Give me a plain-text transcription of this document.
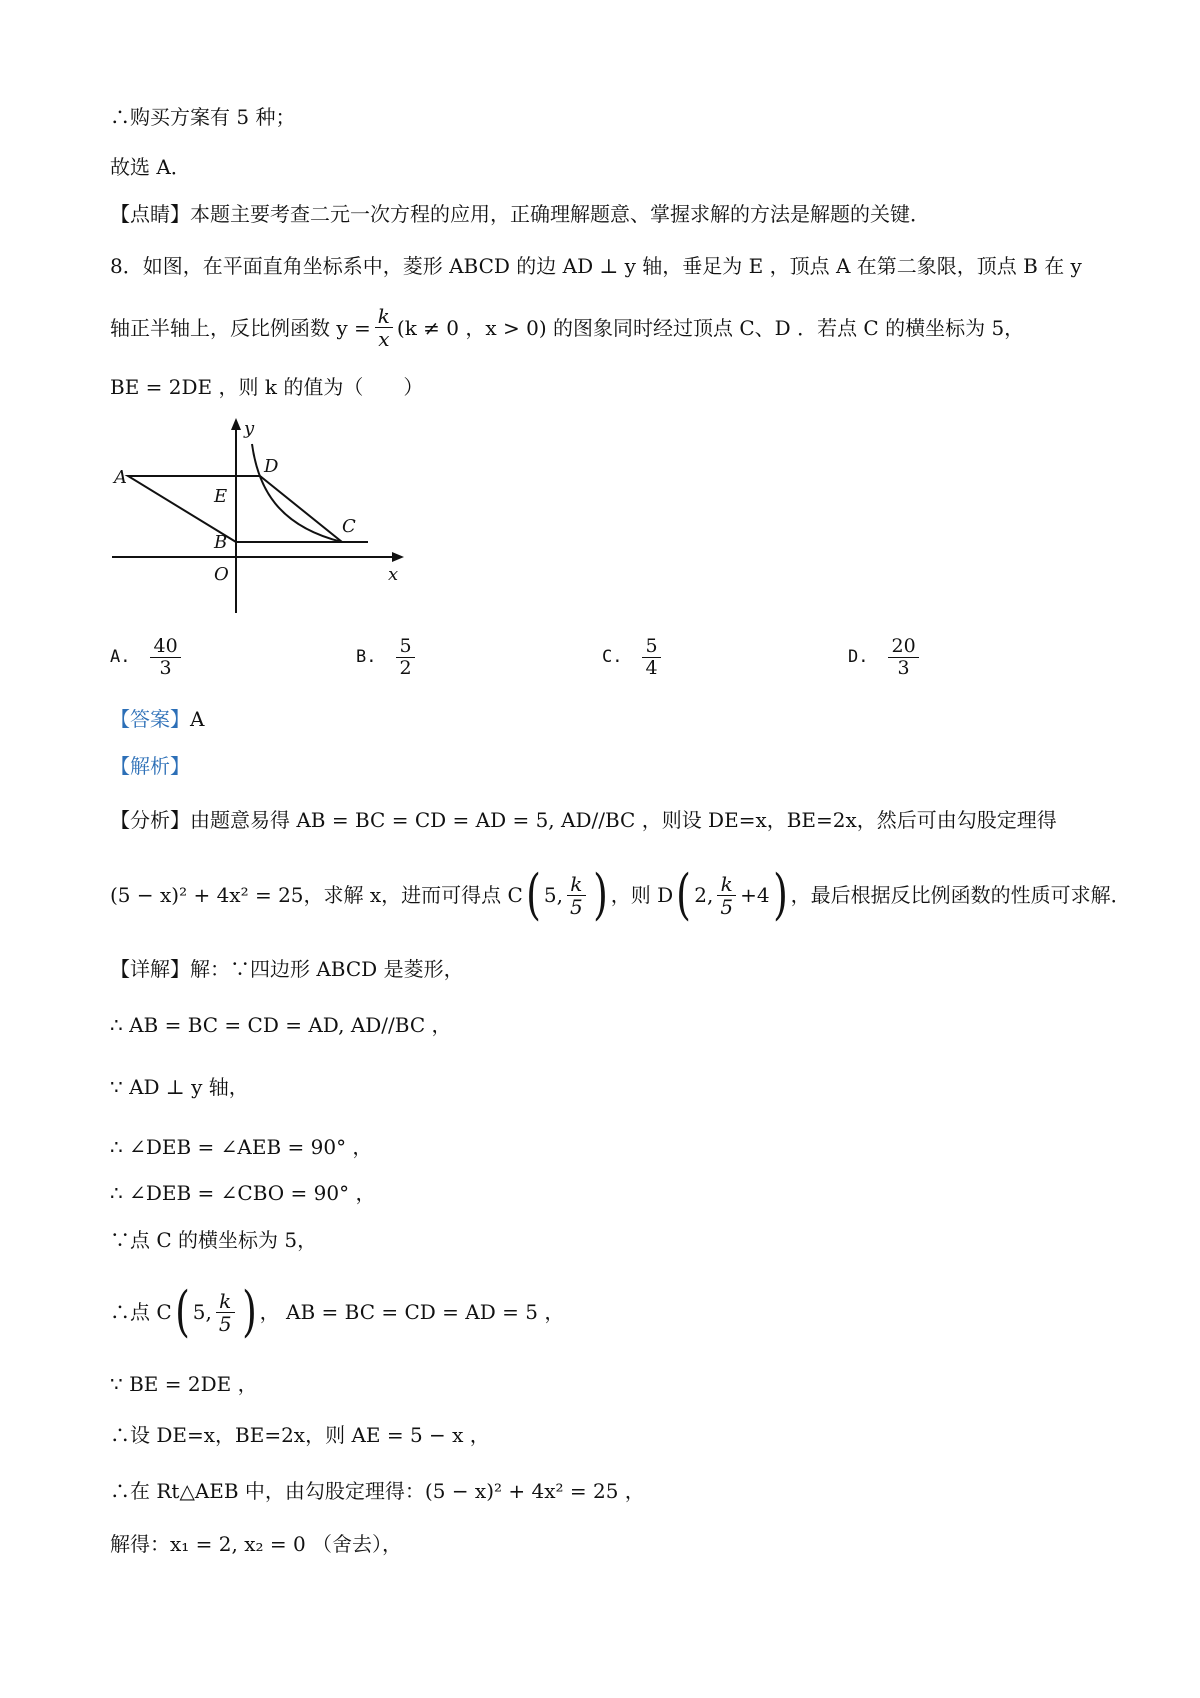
∴购买方案有 5 种；
故选 A．
【点睛】本题主要考查二元一次方程的应用，正确理解题意、掌握求解的方法是解题的关键．
8．如图，在平面直角坐标系中，菱形 ABCD 的边 AD ⊥ y 轴，垂足为 E ，顶点 A 在第二象限，顶点 B 在 y
轴正半轴上，反比例函数 $y = \frac{k}{x} (k \ne 0$ ，x > 0) 的图象同时经过顶点 C、D ．若点 C 的横坐标为 5，
BE = 2DE ，则 k 的值为（　　）
A
D
E
B
C
O	x
y
A. $\frac{40}{3}$	B. $\frac{5}{2}$	C. $\frac{5}{4}$	D. $\frac{20}{3}$
【答案】A
【解析】
【分析】由题意易得 AB = BC = CD = AD = 5, AD//BC ，则设 DE=x，BE=2x，然后可由勾股定理得
(5 − x)² + 4x² = 25 ，求解 x，进而可得点 C ( 5, $\frac{k}{5}$ ) ，则 D ( 2, $\frac{k}{5} +4$ ) ，最后根据反比例函数的性质可求解．
【详解】解：∵四边形 ABCD 是菱形，
∴ AB = BC = CD = AD, AD//BC ，
∵ AD ⊥ y 轴，
∴ ∠DEB = ∠AEB = 90° ，
∴ ∠DEB = ∠CBO = 90° ，
∵点 C 的横坐标为 5，
∴点 C ( 5, $\frac{k}{5}$ ) ， AB = BC = CD = AD = 5 ，
∵ BE = 2DE ，
∴设 DE=x，BE=2x，则 AE = 5 − x ，
∴在 Rt△AEB 中，由勾股定理得：(5 − x)² + 4x² = 25 ，
解得：x₁ = 2, x₂ = 0 （舍去），
